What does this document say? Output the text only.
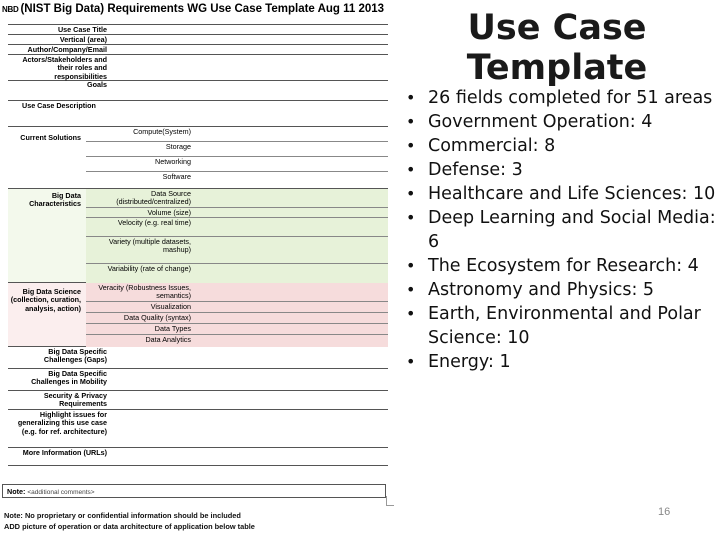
NBD (NIST Big Data) Requirements WG Use Case Template Aug 11 2013
Use Case Title
Vertical (area)
Author/Company/Email
Actors/Stakeholders and their roles and responsibilities
Goals
Use Case Description
Current Solutions
Compute(System)
Storage
Networking
Software
Big Data Characteristics
Data Source (distributed/centralized)
Volume (size)
Velocity (e.g. real time)
Variety (multiple datasets, mashup)
Variability (rate of change)
Big Data Science (collection, curation, analysis, action)
Veracity (Robustness Issues, semantics)
Visualization
Data Quality (syntax)
Data Types
Data Analytics
Big Data Specific Challenges (Gaps)
Big Data Specific Challenges in Mobility
Security & Privacy Requirements
Highlight issues for generalizing this use case (e.g. for ref. architecture)
More Information (URLs)
Note: <additional comments>
Note: No proprietary or confidential information should be included
ADD picture of operation or data architecture of application below table
Use Case Template
• 26 fields completed for 51 areas
• Government Operation: 4
• Commercial: 8
• Defense: 3
• Healthcare and Life Sciences: 10
• Deep Learning and Social Media: 6
• The Ecosystem for Research: 4
• Astronomy and Physics: 5
• Earth, Environmental and Polar Science: 10
• Energy: 1
16
